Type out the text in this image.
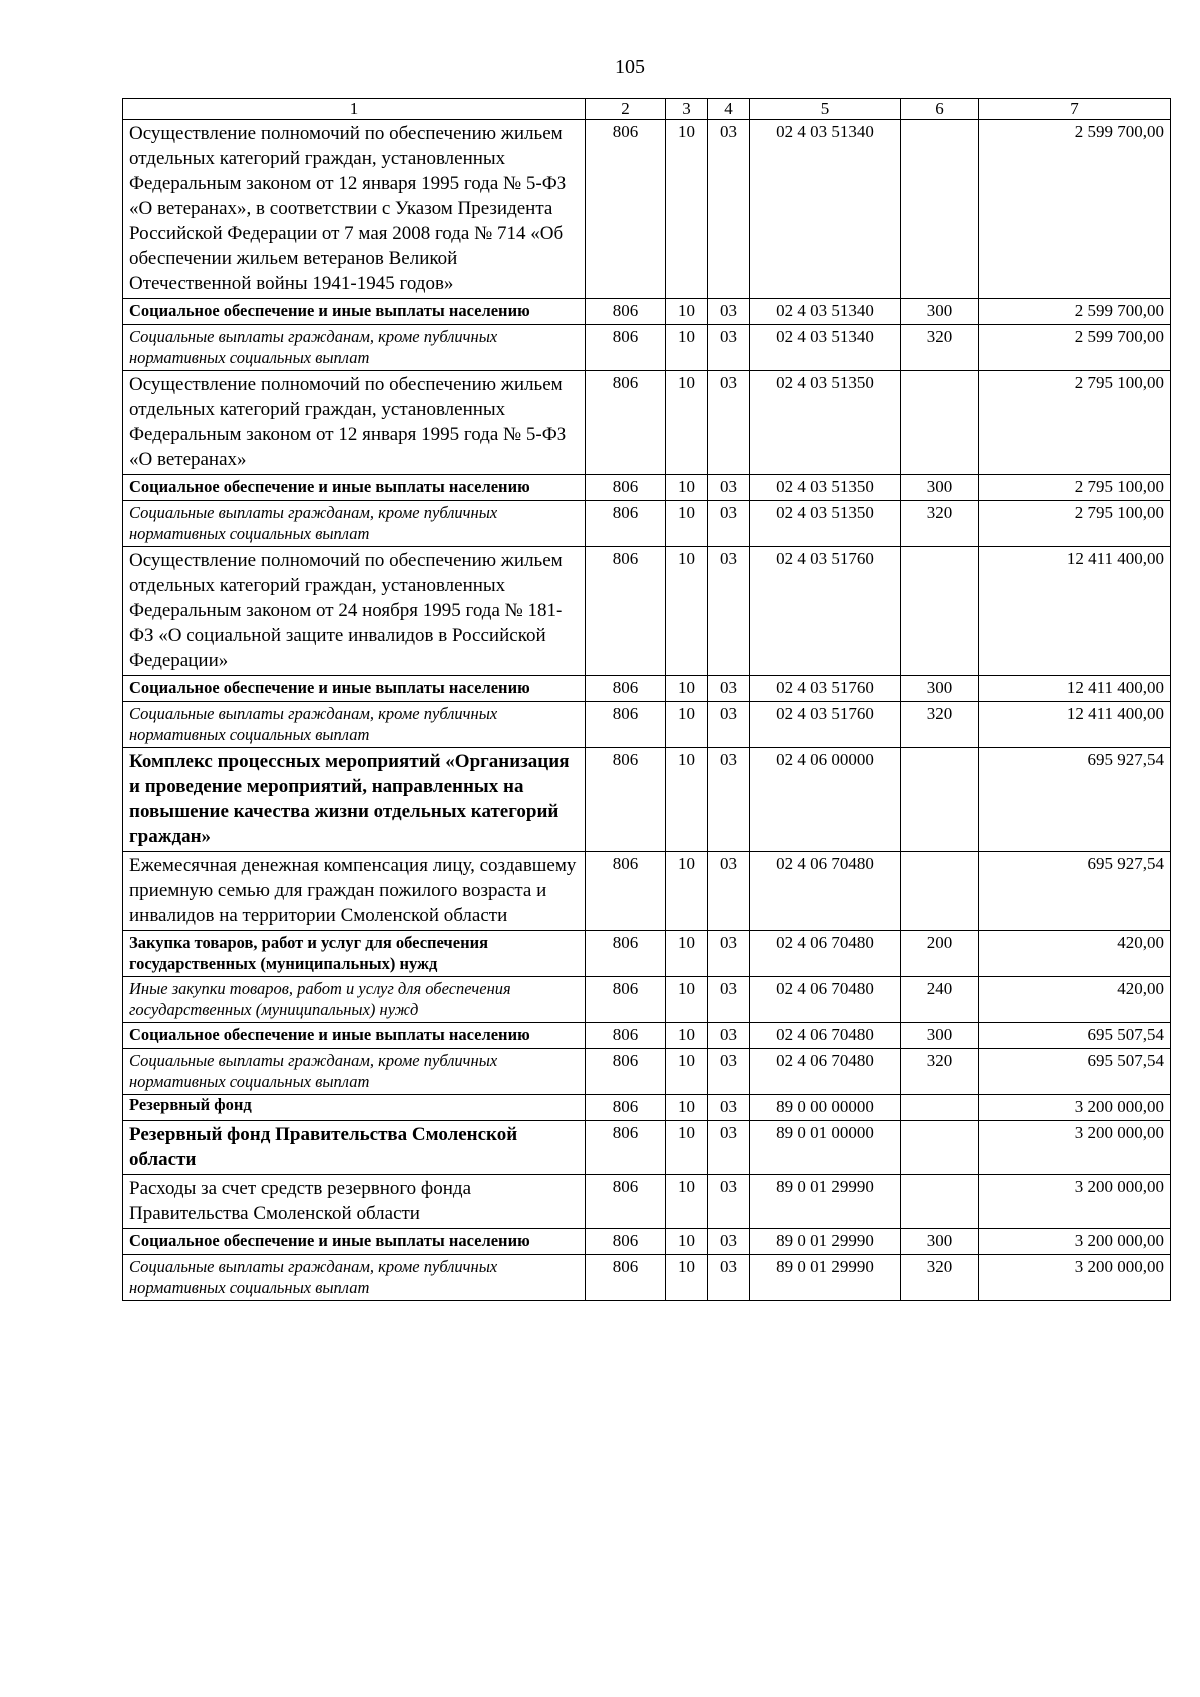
105
1	2	3	4	5	6	7
Осуществление полномочий по обеспечению жильем отдельных категорий граждан, установленных Федеральным законом от 12 января 1995 года № 5-ФЗ «О ветеранах», в соответствии с Указом Президента Российской Федерации от 7 мая 2008 года № 714 «Об обеспечении жильем ветеранов Великой Отечественной войны 1941-1945 годов»	806	10	03	02 4 03 51340		2 599 700,00
Социальное обеспечение и иные выплаты населению	806	10	03	02 4 03 51340	300	2 599 700,00
Социальные выплаты гражданам, кроме публичных нормативных социальных выплат	806	10	03	02 4 03 51340	320	2 599 700,00
Осуществление полномочий по обеспечению жильем отдельных категорий граждан, установленных Федеральным законом от 12 января 1995 года № 5-ФЗ «О ветеранах»	806	10	03	02 4 03 51350		2 795 100,00
Социальное обеспечение и иные выплаты населению	806	10	03	02 4 03 51350	300	2 795 100,00
Социальные выплаты гражданам, кроме публичных нормативных социальных выплат	806	10	03	02 4 03 51350	320	2 795 100,00
Осуществление полномочий по обеспечению жильем отдельных категорий граждан, установленных Федеральным законом от 24 ноября 1995 года № 181-ФЗ «О социальной защите инвалидов в Российской Федерации»	806	10	03	02 4 03 51760		12 411 400,00
Социальное обеспечение и иные выплаты населению	806	10	03	02 4 03 51760	300	12 411 400,00
Социальные выплаты гражданам, кроме публичных нормативных социальных выплат	806	10	03	02 4 03 51760	320	12 411 400,00
Комплекс процессных мероприятий «Организация и проведение мероприятий, направленных на повышение качества жизни отдельных категорий граждан»	806	10	03	02 4 06 00000		695 927,54
Ежемесячная денежная компенсация лицу, создавшему приемную семью для граждан пожилого возраста и инвалидов на территории Смоленской области	806	10	03	02 4 06 70480		695 927,54
Закупка товаров, работ и услуг для обеспечения государственных (муниципальных) нужд	806	10	03	02 4 06 70480	200	420,00
Иные закупки товаров, работ и услуг для обеспечения государственных (муниципальных) нужд	806	10	03	02 4 06 70480	240	420,00
Социальное обеспечение и иные выплаты населению	806	10	03	02 4 06 70480	300	695 507,54
Социальные выплаты гражданам, кроме публичных нормативных социальных выплат	806	10	03	02 4 06 70480	320	695 507,54
Резервный фонд	806	10	03	89 0 00 00000		3 200 000,00
Резервный фонд Правительства Смоленской области	806	10	03	89 0 01 00000		3 200 000,00
Расходы за счет средств резервного фонда Правительства Смоленской области	806	10	03	89 0 01 29990		3 200 000,00
Социальное обеспечение и иные выплаты населению	806	10	03	89 0 01 29990	300	3 200 000,00
Социальные выплаты гражданам, кроме публичных нормативных социальных выплат	806	10	03	89 0 01 29990	320	3 200 000,00
